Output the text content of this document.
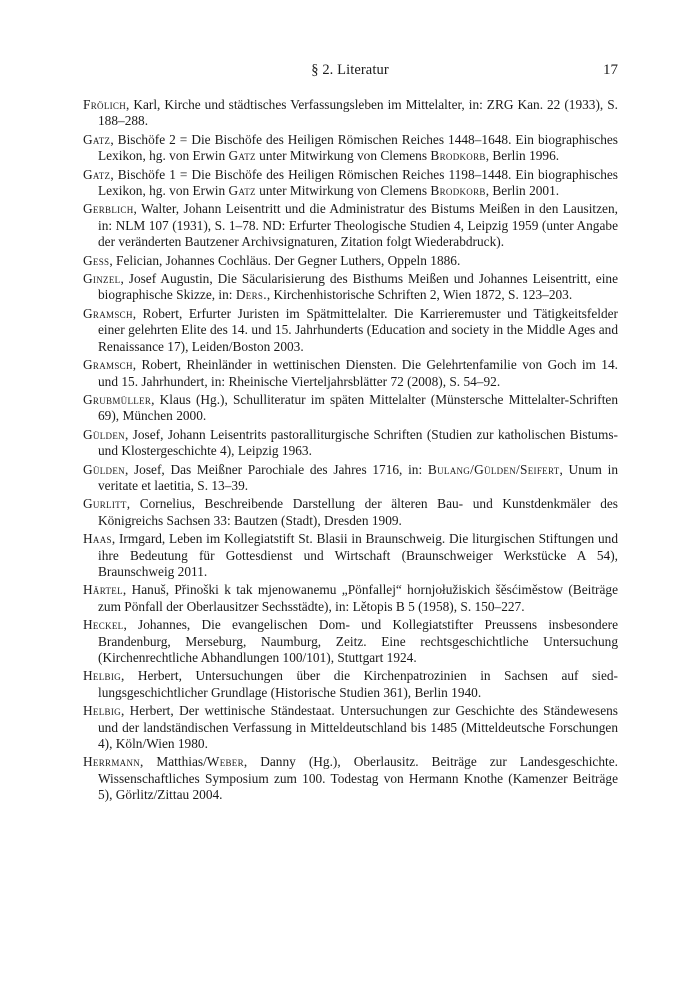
§ 2. Literatur	17
Frölich, Karl, Kirche und städtisches Verfassungsleben im Mittelalter, in: ZRG Kan. 22 (1933), S. 188–288.
Gatz, Bischöfe 2 = Die Bischöfe des Heiligen Römischen Reiches 1448–1648. Ein biographisches Lexikon, hg. von Erwin Gatz unter Mitwirkung von Clemens Brodkorb, Berlin 1996.
Gatz, Bischöfe 1 = Die Bischöfe des Heiligen Römischen Reiches 1198–1448. Ein biographisches Lexikon, hg. von Erwin Gatz unter Mitwirkung von Clemens Brodkorb, Berlin 2001.
Gerblich, Walter, Johann Leisentritt und die Administratur des Bistums Meißen in den Lausitzen, in: NLM 107 (1931), S. 1–78. ND: Erfurter Theologische Studien 4, Leipzig 1959 (unter Angabe der veränderten Bautzener Archivsignaturen, Zitation folgt Wiederabdruck).
Gess, Felician, Johannes Cochläus. Der Gegner Luthers, Oppeln 1886.
Ginzel, Josef Augustin, Die Säcularisierung des Bisthums Meißen und Johannes Leisentritt, eine biographische Skizze, in: Ders., Kirchenhistorische Schriften 2, Wien 1872, S. 123–203.
Gramsch, Robert, Erfurter Juristen im Spätmittelalter. Die Karrieremuster und Tätigkeitsfelder einer gelehrten Elite des 14. und 15. Jahrhunderts (Education and society in the Middle Ages and Renaissance 17), Leiden/Boston 2003.
Gramsch, Robert, Rheinländer in wettinischen Diensten. Die Gelehrtenfamilie von Goch im 14. und 15. Jahrhundert, in: Rheinische Vierteljahrsblätter 72 (2008), S. 54–92.
Grubmüller, Klaus (Hg.), Schulliteratur im späten Mittelalter (Münstersche Mittelalter-Schriften 69), München 2000.
Gülden, Josef, Johann Leisentrits pastoralliturgische Schriften (Studien zur katholischen Bistums- und Klostergeschichte 4), Leipzig 1963.
Gülden, Josef, Das Meißner Parochiale des Jahres 1716, in: Bulang/Gülden/Seifert, Unum in veritate et laetitia, S. 13–39.
Gurlitt, Cornelius, Beschreibende Darstellung der älteren Bau- und Kunstdenkmäler des Königreichs Sachsen 33: Bautzen (Stadt), Dresden 1909.
Haas, Irmgard, Leben im Kollegiatstift St. Blasii in Braunschweig. Die liturgischen Stiftungen und ihre Bedeutung für Gottesdienst und Wirtschaft (Braunschweiger Werkstücke A 54), Braunschweig 2011.
Härtel, Hanuš, Přinoški k tak mjenowanemu „Pönfallej“ hornjołužiskich šěsćiměstow (Beiträge zum Pönfall der Oberlausitzer Sechsstädte), in: Lětopis B 5 (1958), S. 150–227.
Heckel, Johannes, Die evangelischen Dom- und Kollegiatstifter Preussens insbesondere Brandenburg, Merseburg, Naumburg, Zeitz. Eine rechtsgeschichtliche Untersuchung (Kirchenrechtliche Abhandlungen 100/101), Stuttgart 1924.
Helbig, Herbert, Untersuchungen über die Kirchenpatrozinien in Sachsen auf siedlungsgeschichtlicher Grundlage (Historische Studien 361), Berlin 1940.
Helbig, Herbert, Der wettinische Ständestaat. Untersuchungen zur Geschichte des Ständewesens und der landständischen Verfassung in Mitteldeutschland bis 1485 (Mitteldeutsche Forschungen 4), Köln/Wien 1980.
Herrmann, Matthias/Weber, Danny (Hg.), Oberlausitz. Beiträge zur Landesgeschichte. Wissenschaftliches Symposium zum 100. Todestag von Hermann Knothe (Kamenzer Beiträge 5), Görlitz/Zittau 2004.
